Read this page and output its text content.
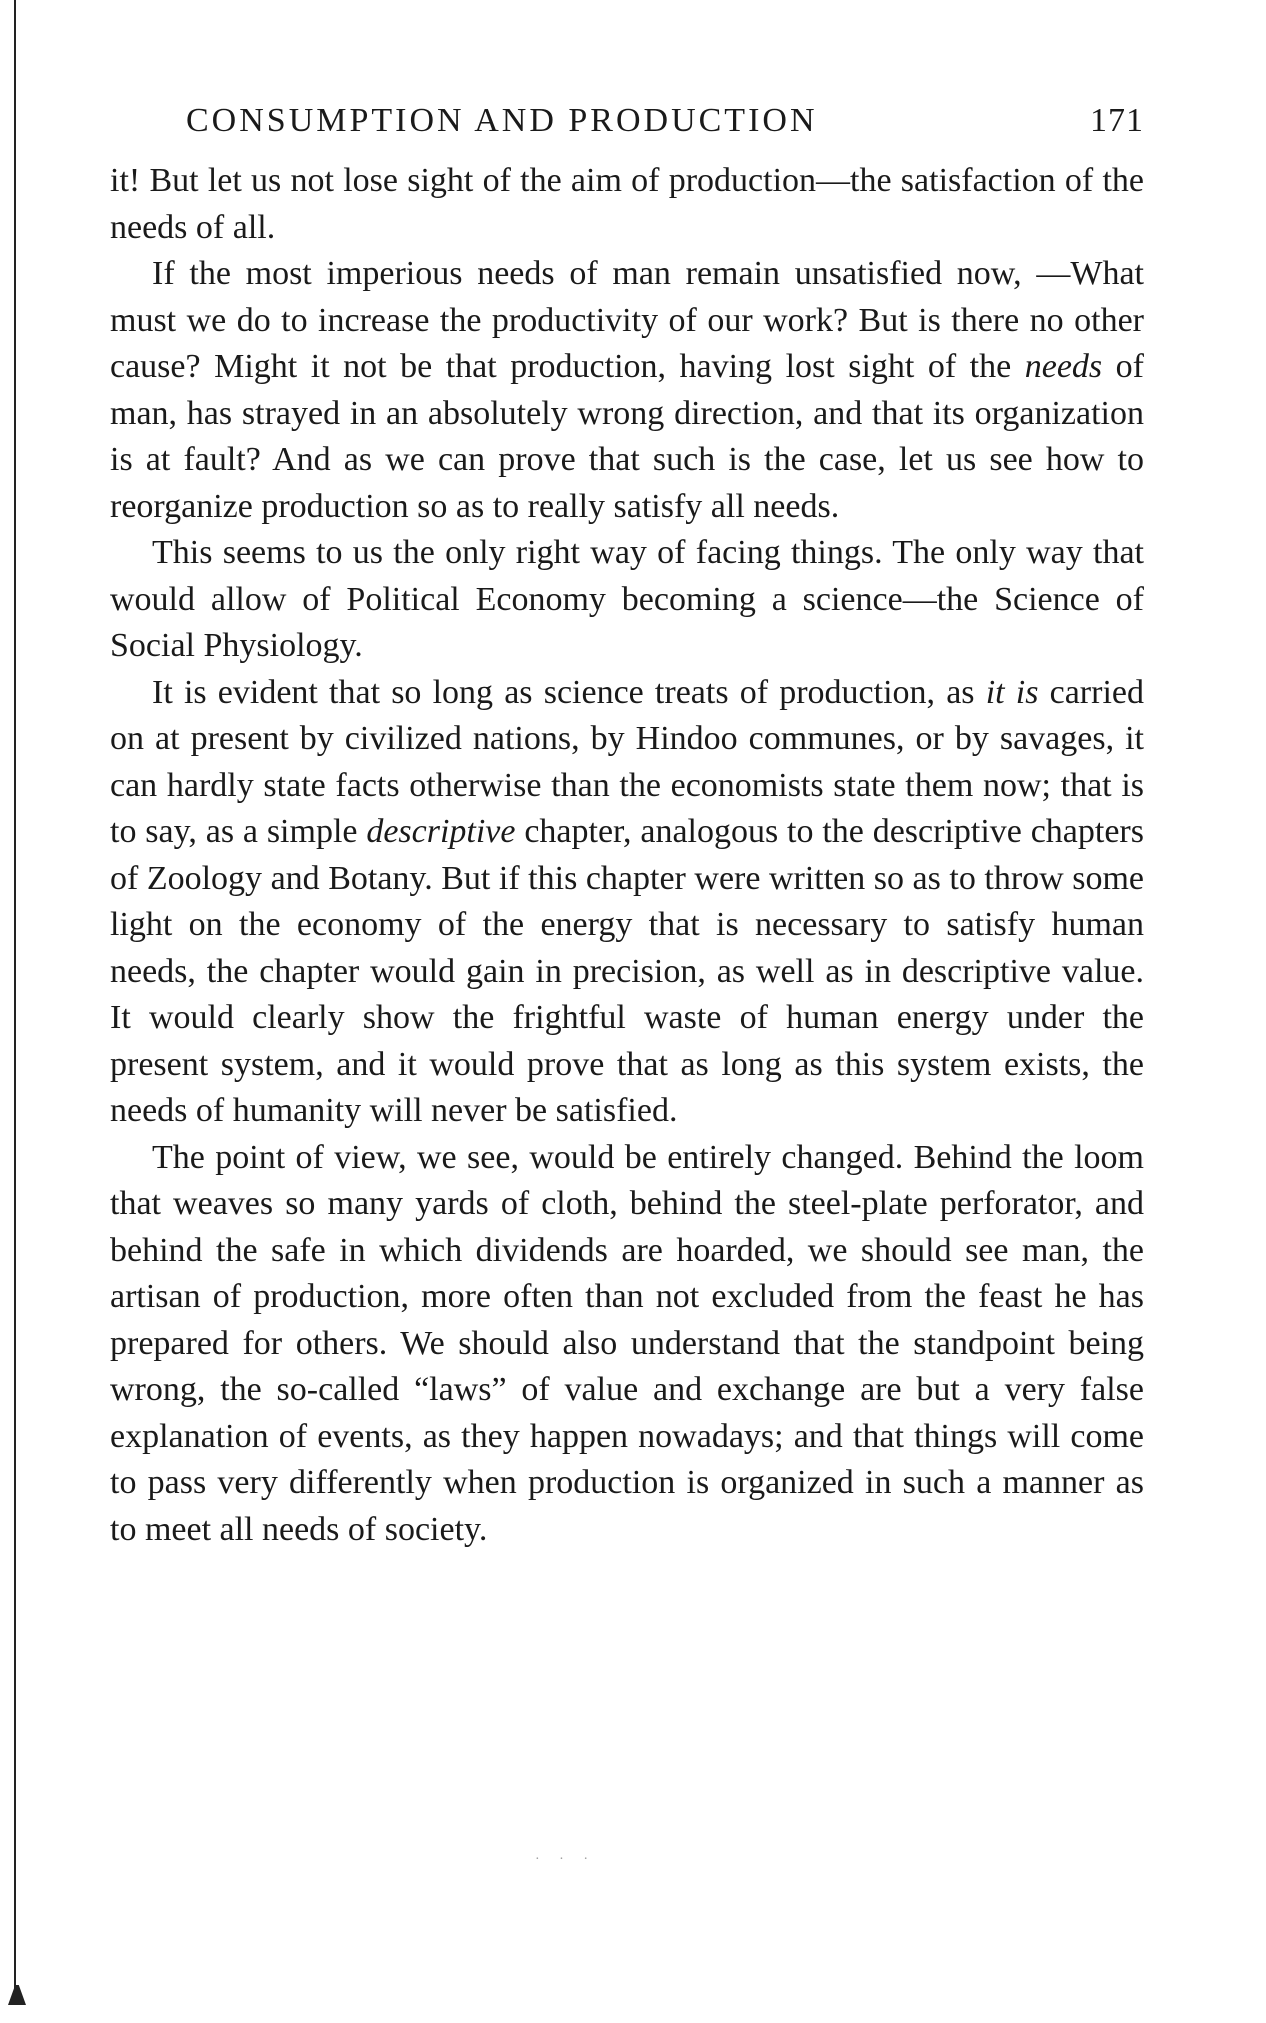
CONSUMPTION AND PRODUCTION	171

it! But let us not lose sight of the aim of production—the satisfaction of the needs of all.

If the most imperious needs of man remain unsatisfied now, —What must we do to increase the productivity of our work? But is there no other cause? Might it not be that production, having lost sight of the needs of man, has strayed in an absolutely wrong direction, and that its organization is at fault? And as we can prove that such is the case, let us see how to reorganize production so as to really satisfy all needs.

This seems to us the only right way of facing things. The only way that would allow of Political Economy becoming a science—the Science of Social Physiology.

It is evident that so long as science treats of production, as it is carried on at present by civilized nations, by Hindoo communes, or by savages, it can hardly state facts otherwise than the economists state them now; that is to say, as a simple descriptive chapter, analogous to the descriptive chapters of Zoology and Botany. But if this chapter were written so as to throw some light on the economy of the energy that is necessary to satisfy human needs, the chapter would gain in precision, as well as in descriptive value. It would clearly show the frightful waste of human energy under the present system, and it would prove that as long as this system exists, the needs of humanity will never be satisfied.

The point of view, we see, would be entirely changed. Behind the loom that weaves so many yards of cloth, behind the steel-plate perforator, and behind the safe in which dividends are hoarded, we should see man, the artisan of production, more often than not excluded from the feast he has prepared for others. We should also understand that the standpoint being wrong, the so-called “laws” of value and exchange are but a very false explanation of events, as they happen nowadays; and that things will come to pass very differently when production is organized in such a manner as to meet all needs of society.

· · ·
